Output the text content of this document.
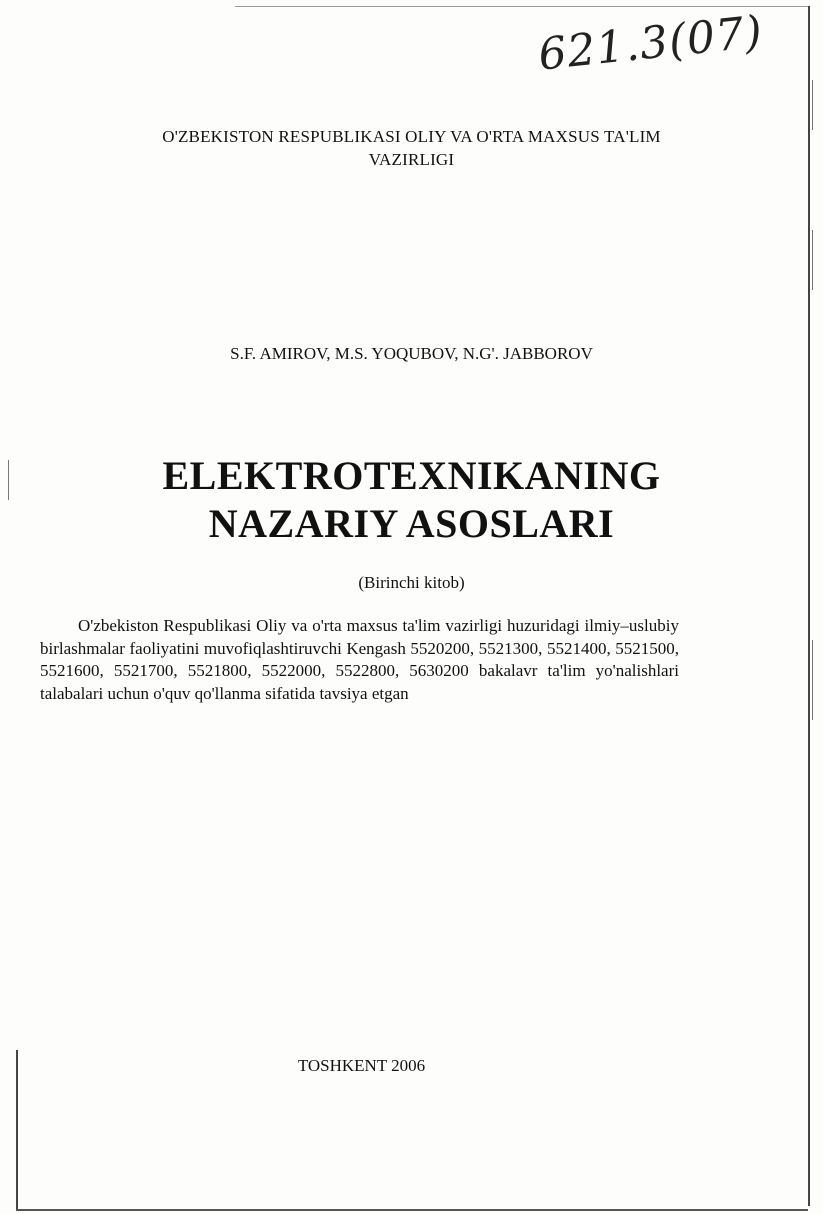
621.3(07)
O'ZBEKISTON RESPUBLIKASI OLIY VA O'RTA MAXSUS TA'LIM
VAZIRLIGI
S.F. AMIROV, M.S. YOQUBOV, N.G'. JABBOROV
ELEKTROTEXNIKANING
NAZARIY ASOSLARI
(Birinchi kitob)
O'zbekiston Respublikasi Oliy va o'rta maxsus ta'lim vazirligi huzuridagi ilmiy–uslubiy birlashmalar faoliyatini muvofiqlashtiruvchi Kengash 5520200, 5521300, 5521400, 5521500, 5521600, 5521700, 5521800, 5522000, 5522800, 5630200 bakalavr ta'lim yo'nalishlari talabalari uchun o'quv qo'llanma sifatida tavsiya etgan
TOSHKENT 2006
